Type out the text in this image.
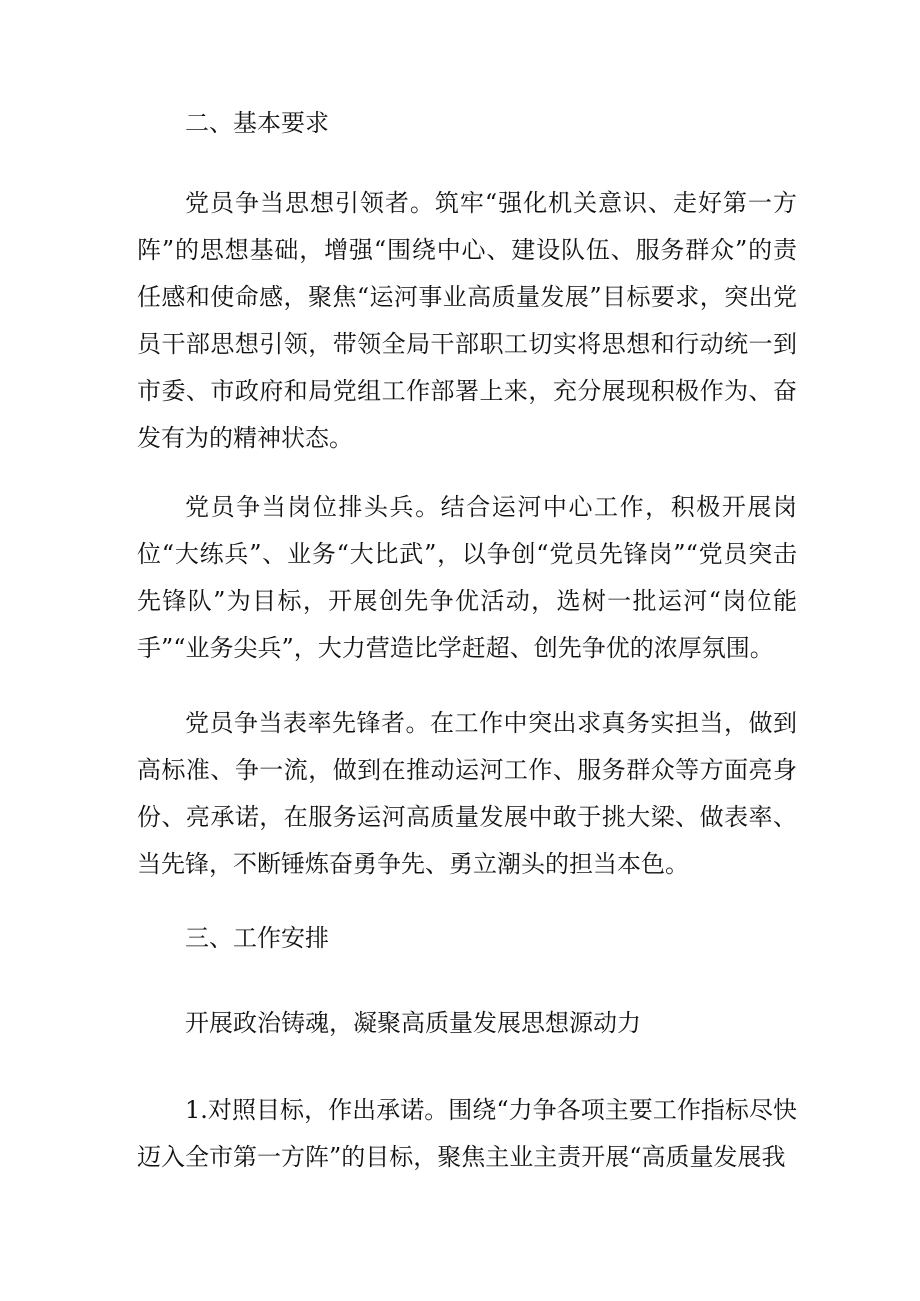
二、基本要求

党员争当思想引领者。筑牢“强化机关意识、走好第一方阵”的思想基础，增强“围绕中心、建设队伍、服务群众”的责任感和使命感，聚焦“运河事业高质量发展”目标要求，突出党员干部思想引领，带领全局干部职工切实将思想和行动统一到市委、市政府和局党组工作部署上来，充分展现积极作为、奋发有为的精神状态。

党员争当岗位排头兵。结合运河中心工作，积极开展岗位“大练兵”、业务“大比武”，以争创“党员先锋岗”“党员突击先锋队”为目标，开展创先争优活动，选树一批运河“岗位能手”“业务尖兵”，大力营造比学赶超、创先争优的浓厚氛围。

党员争当表率先锋者。在工作中突出求真务实担当，做到高标准、争一流，做到在推动运河工作、服务群众等方面亮身份、亮承诺，在服务运河高质量发展中敢于挑大梁、做表率、当先锋，不断锤炼奋勇争先、勇立潮头的担当本色。

三、工作安排

开展政治铸魂，凝聚高质量发展思想源动力

1.对照目标，作出承诺。围绕“力争各项主要工作指标尽快迈入全市第一方阵”的目标，聚焦主业主责开展“高质量发展我
